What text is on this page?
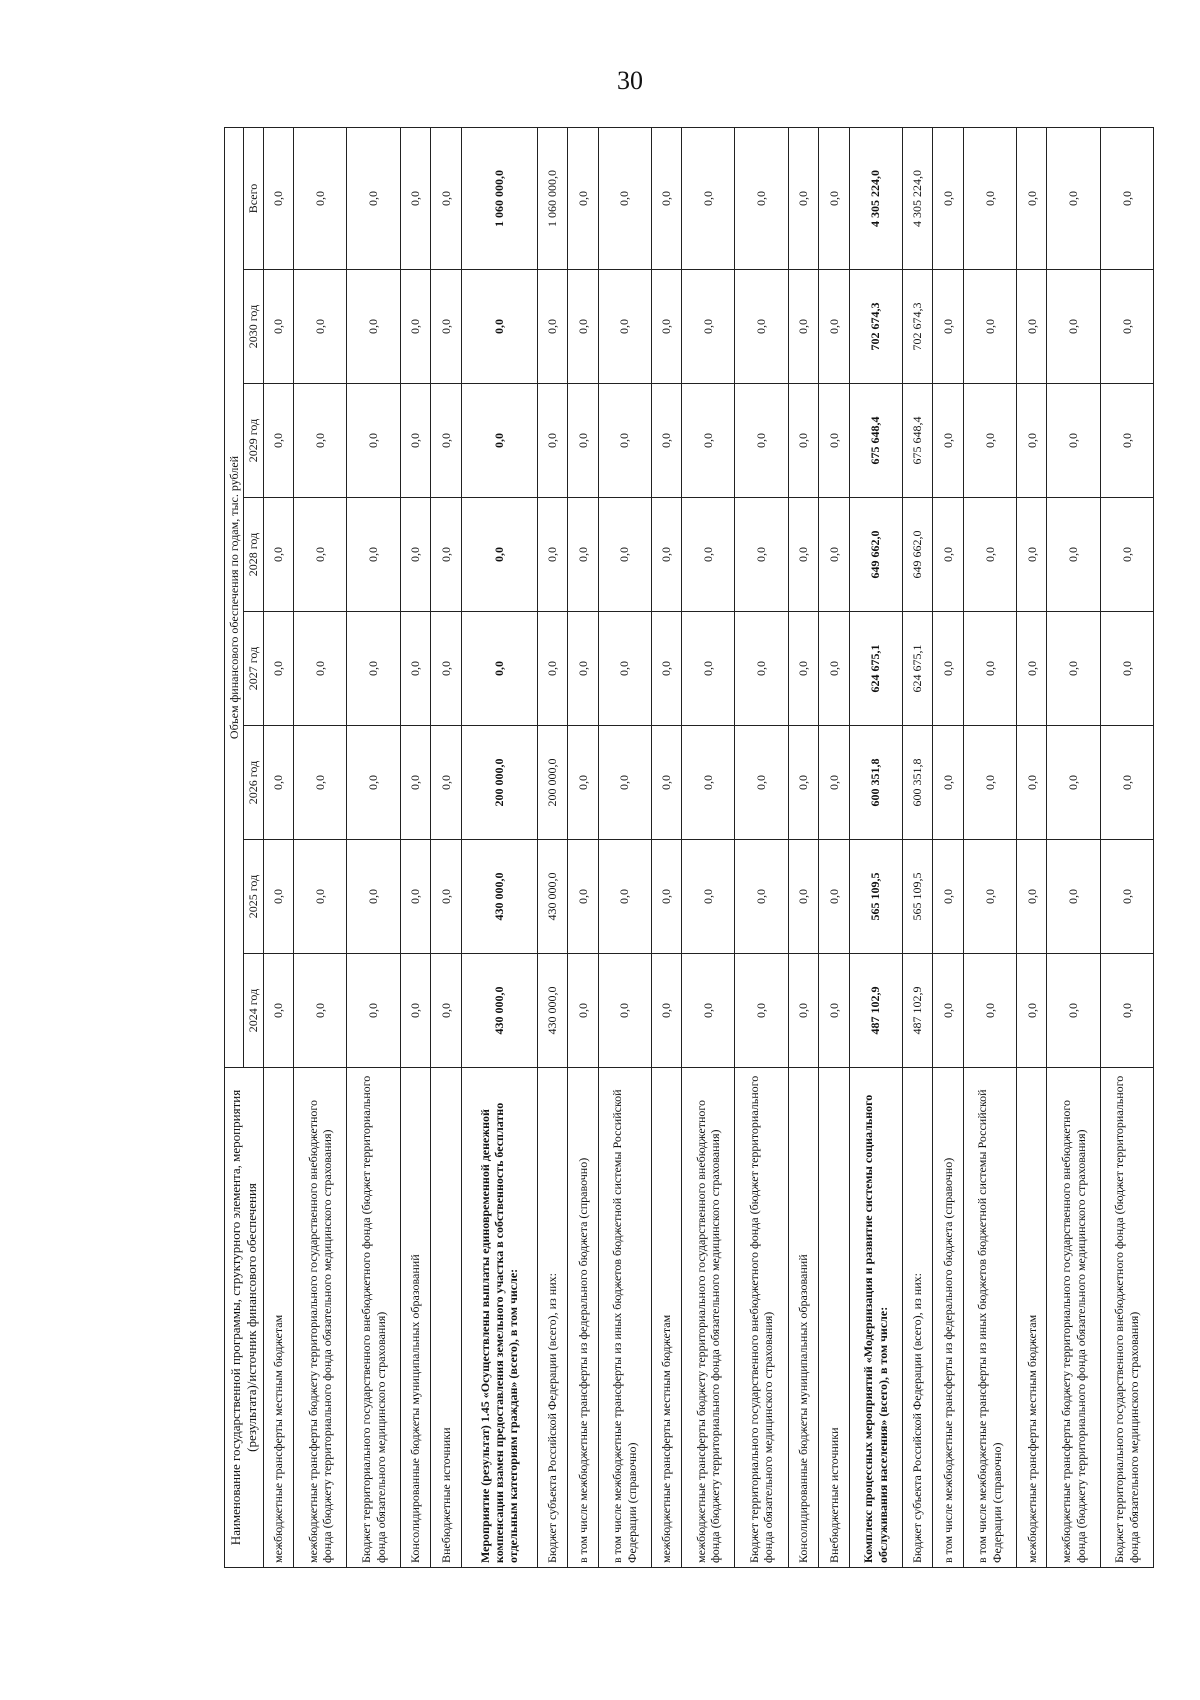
30
Наименование государственной программы, структурного элемента, мероприятия (результата)/источник финансового обеспечения	Объем финансового обеспечения по годам, тыс. рублей							
	2024 год	2025 год	2026 год	2027 год	2028 год	2029 год	2030 год	Всего
межбюджетные трансферты местным бюджетам	0,0	0,0	0,0	0,0	0,0	0,0	0,0	0,0
межбюджетные трансферты бюджету территориального государственного внебюджетного фонда (бюджету территориального фонда обязательного медицинского страхования)	0,0	0,0	0,0	0,0	0,0	0,0	0,0	0,0
Бюджет территориального государственного внебюджетного фонда (бюджет территориального фонда обязательного медицинского страхования)	0,0	0,0	0,0	0,0	0,0	0,0	0,0	0,0
Консолидированные бюджеты муниципальных образований	0,0	0,0	0,0	0,0	0,0	0,0	0,0	0,0
Внебюджетные источники	0,0	0,0	0,0	0,0	0,0	0,0	0,0	0,0
Мероприятие (результат) 1.45 «Осуществлены выплаты единовременной денежной компенсации взамен предоставления земельного участка в собственность бесплатно отдельным категориям граждан» (всего), в том числе:	430 000,0	430 000,0	200 000,0	0,0	0,0	0,0	0,0	1 060 000,0
Бюджет субъекта Российской Федерации (всего), из них:	430 000,0	430 000,0	200 000,0	0,0	0,0	0,0	0,0	1 060 000,0
в том числе межбюджетные трансферты из федерального бюджета (справочно)	0,0	0,0	0,0	0,0	0,0	0,0	0,0	0,0
в том числе межбюджетные трансферты из иных бюджетов бюджетной системы Российской Федерации (справочно)	0,0	0,0	0,0	0,0	0,0	0,0	0,0	0,0
межбюджетные трансферты местным бюджетам	0,0	0,0	0,0	0,0	0,0	0,0	0,0	0,0
межбюджетные трансферты бюджету территориального государственного внебюджетного фонда (бюджету территориального фонда обязательного медицинского страхования)	0,0	0,0	0,0	0,0	0,0	0,0	0,0	0,0
Бюджет территориального государственного внебюджетного фонда (бюджет территориального фонда обязательного медицинского страхования)	0,0	0,0	0,0	0,0	0,0	0,0	0,0	0,0
Консолидированные бюджеты муниципальных образований	0,0	0,0	0,0	0,0	0,0	0,0	0,0	0,0
Внебюджетные источники	0,0	0,0	0,0	0,0	0,0	0,0	0,0	0,0
Комплекс процессных мероприятий «Модернизация и развитие системы социального обслуживания населения» (всего), в том числе:	487 102,9	565 109,5	600 351,8	624 675,1	649 662,0	675 648,4	702 674,3	4 305 224,0
Бюджет субъекта Российской Федерации (всего), из них:	487 102,9	565 109,5	600 351,8	624 675,1	649 662,0	675 648,4	702 674,3	4 305 224,0
в том числе межбюджетные трансферты из федерального бюджета (справочно)	0,0	0,0	0,0	0,0	0,0	0,0	0,0	0,0
в том числе межбюджетные трансферты из иных бюджетов бюджетной системы Российской Федерации (справочно)	0,0	0,0	0,0	0,0	0,0	0,0	0,0	0,0
межбюджетные трансферты местным бюджетам	0,0	0,0	0,0	0,0	0,0	0,0	0,0	0,0
межбюджетные трансферты бюджету территориального государственного внебюджетного фонда (бюджету территориального фонда обязательного медицинского страхования)	0,0	0,0	0,0	0,0	0,0	0,0	0,0	0,0
Бюджет территориального государственного внебюджетного фонда (бюджет территориального фонда обязательного медицинского страхования)	0,0	0,0	0,0	0,0	0,0	0,0	0,0	0,0
